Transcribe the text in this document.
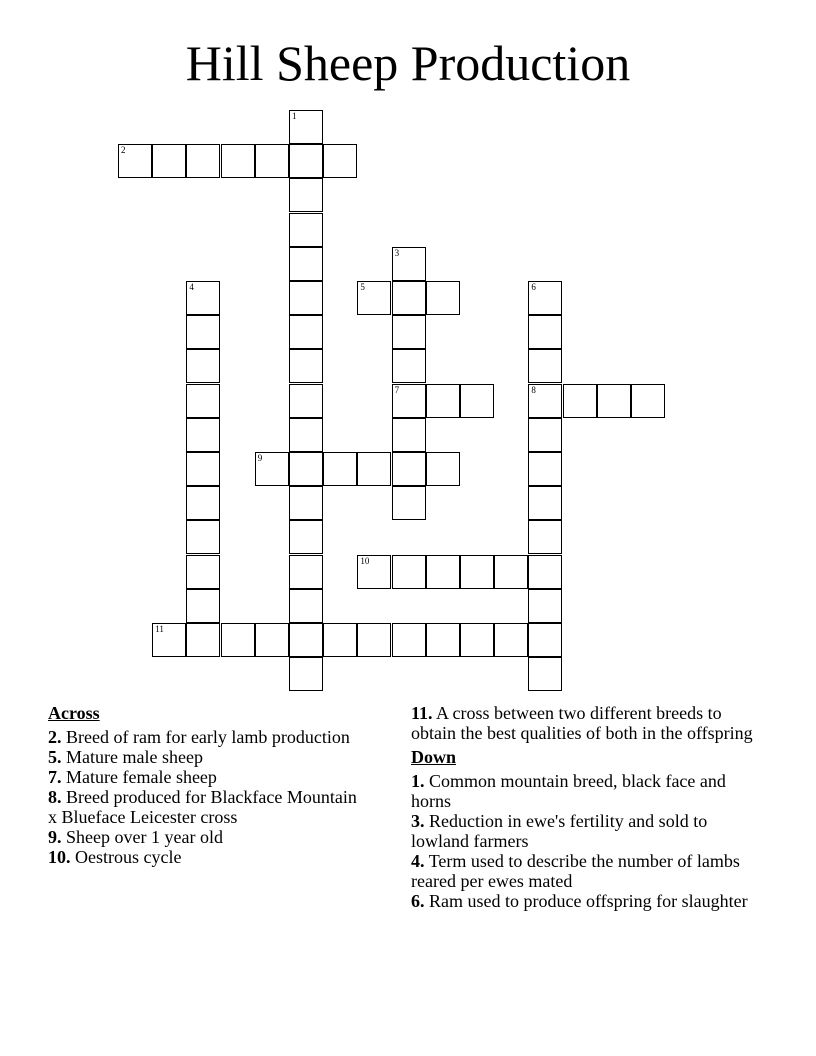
Hill Sheep Production
1
2
3
7
4	5	6
8
9
10
11
Across
2. Breed of ram for early lamb production
5. Mature male sheep
7. Mature female sheep
8. Breed produced for Blackface Mountain x Blueface Leicester cross
9. Sheep over 1 year old
10. Oestrous cycle
11. A cross between two different breeds to obtain the best qualities of both in the offspring
Down
1. Common mountain breed, black face and horns
3. Reduction in ewe's fertility and sold to lowland farmers
4. Term used to describe the number of lambs reared per ewes mated
6. Ram used to produce offspring for slaughter
